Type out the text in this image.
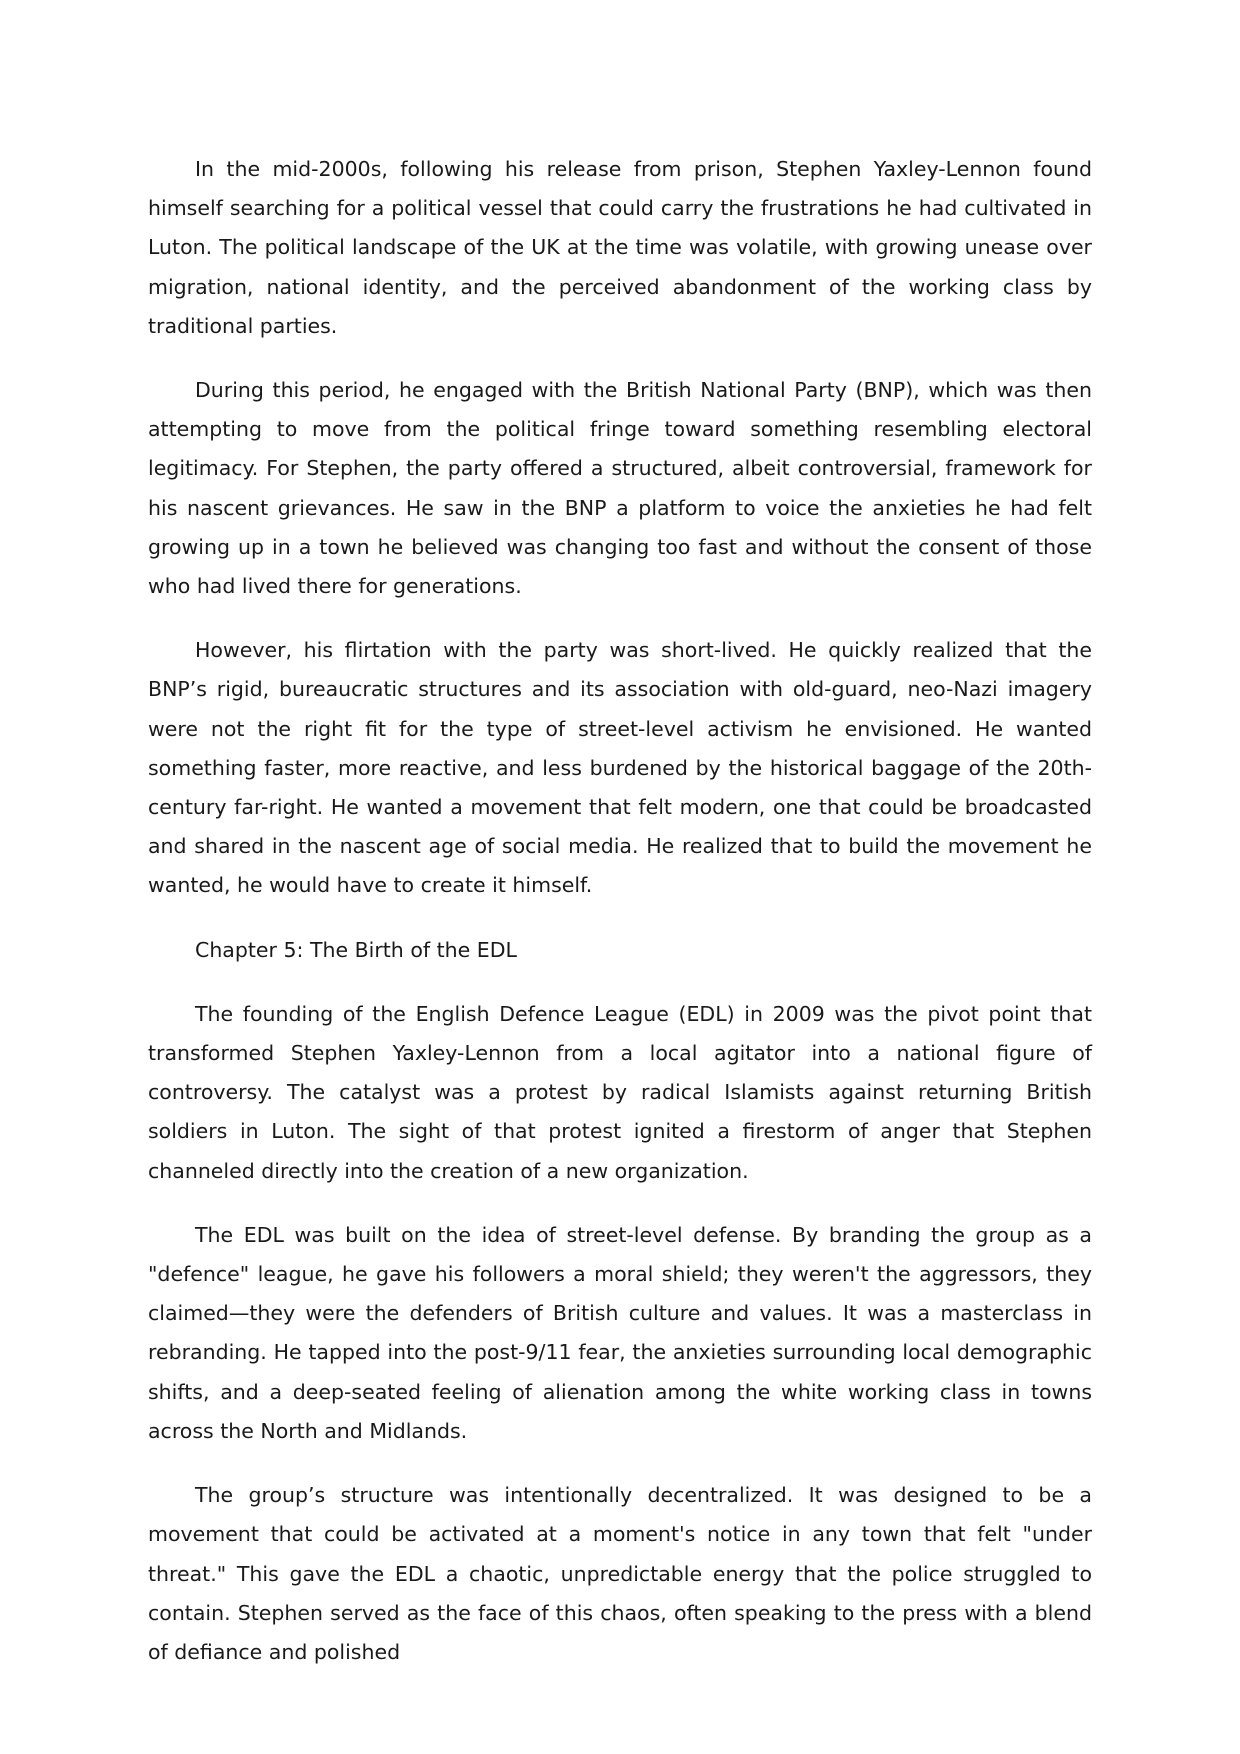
In the mid-2000s, following his release from prison, Stephen Yaxley-Lennon found himself searching for a political vessel that could carry the frustrations he had cultivated in Luton. The political landscape of the UK at the time was volatile, with growing unease over migration, national identity, and the perceived abandonment of the working class by traditional parties.

During this period, he engaged with the British National Party (BNP), which was then attempting to move from the political fringe toward something resembling electoral legitimacy. For Stephen, the party offered a structured, albeit controversial, framework for his nascent grievances. He saw in the BNP a platform to voice the anxieties he had felt growing up in a town he believed was changing too fast and without the consent of those who had lived there for generations.

However, his flirtation with the party was short-lived. He quickly realized that the BNP’s rigid, bureaucratic structures and its association with old-guard, neo-Nazi imagery were not the right fit for the type of street-level activism he envisioned. He wanted something faster, more reactive, and less burdened by the historical baggage of the 20th-century far-right. He wanted a movement that felt modern, one that could be broadcasted and shared in the nascent age of social media. He realized that to build the movement he wanted, he would have to create it himself.

Chapter 5: The Birth of the EDL

The founding of the English Defence League (EDL) in 2009 was the pivot point that transformed Stephen Yaxley-Lennon from a local agitator into a national figure of controversy. The catalyst was a protest by radical Islamists against returning British soldiers in Luton. The sight of that protest ignited a firestorm of anger that Stephen channeled directly into the creation of a new organization.

The EDL was built on the idea of street-level defense. By branding the group as a "defence" league, he gave his followers a moral shield; they weren't the aggressors, they claimed—they were the defenders of British culture and values. It was a masterclass in rebranding. He tapped into the post-9/11 fear, the anxieties surrounding local demographic shifts, and a deep-seated feeling of alienation among the white working class in towns across the North and Midlands.

The group’s structure was intentionally decentralized. It was designed to be a movement that could be activated at a moment's notice in any town that felt "under threat." This gave the EDL a chaotic, unpredictable energy that the police struggled to contain. Stephen served as the face of this chaos, often speaking to the press with a blend of defiance and polished
